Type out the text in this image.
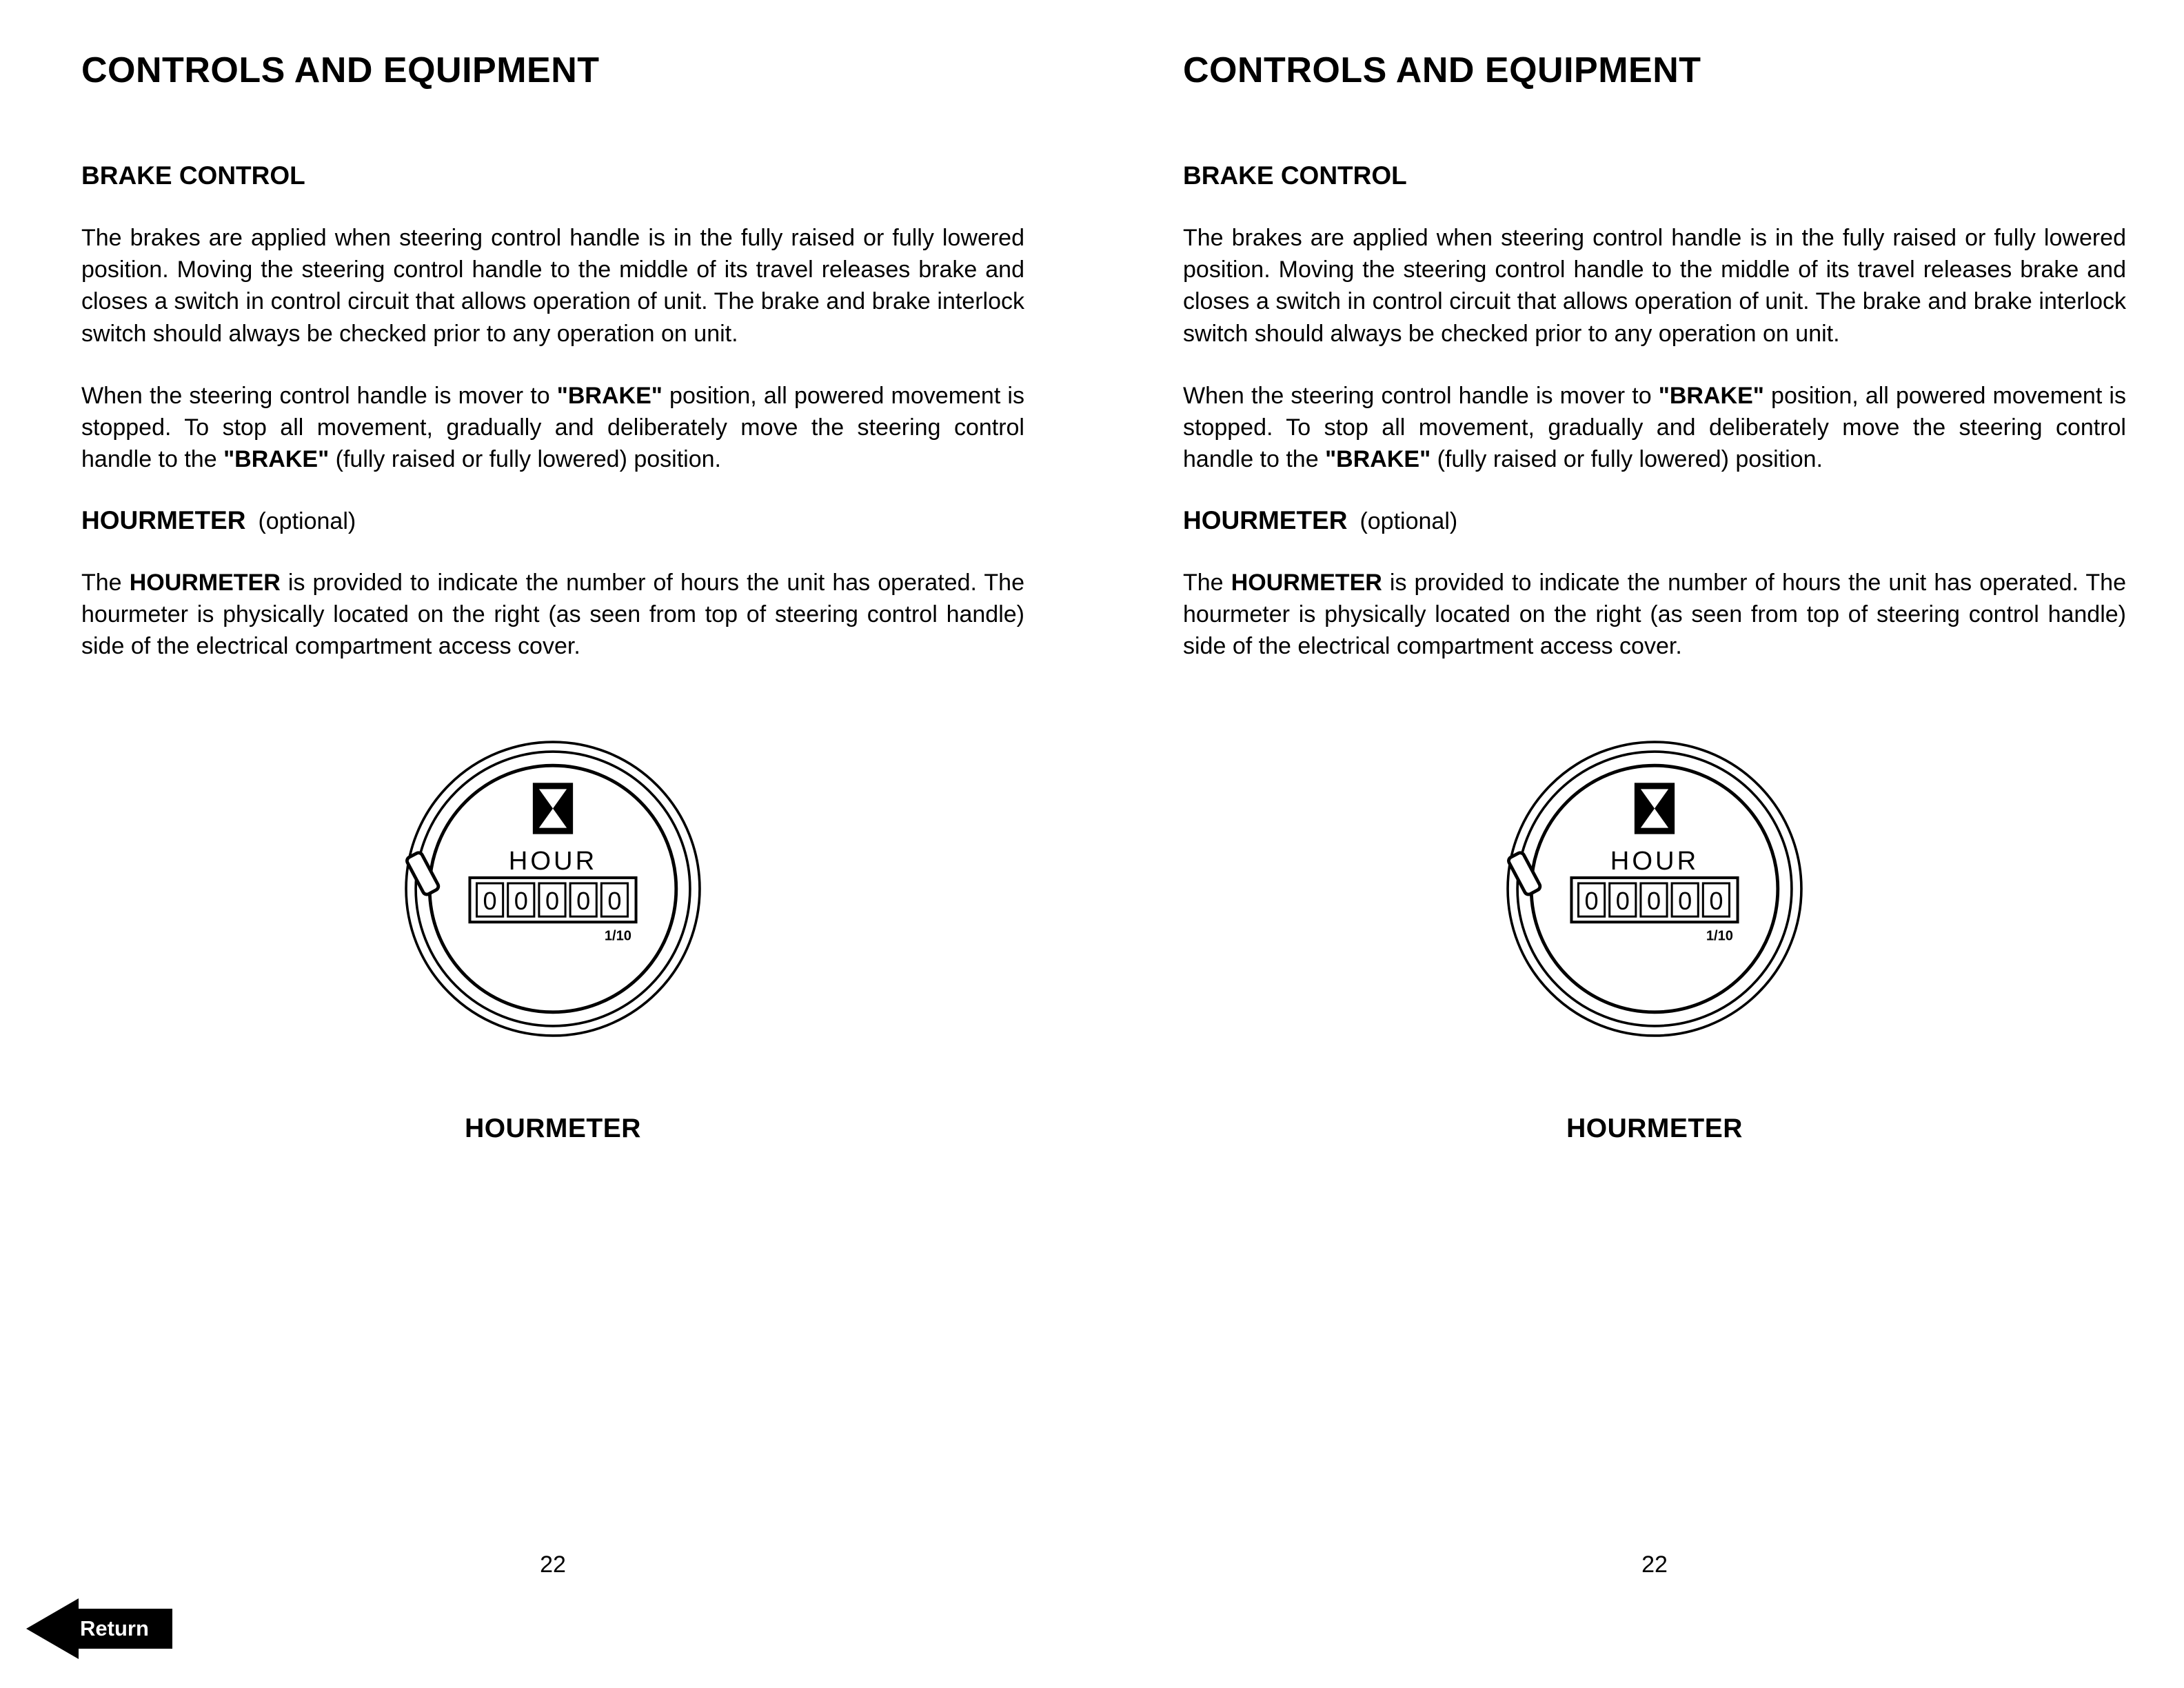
CONTROLS AND EQUIPMENT
BRAKE CONTROL

The brakes are applied when steering control handle is in the fully raised or fully lowered position. Moving the steering control handle to the middle of its travel releases brake and closes a switch in control circuit that allows operation of unit. The brake and brake interlock switch should always be checked prior to any operation on unit.

When the steering control handle is mover to "BRAKE" position, all powered movement is stopped. To stop all movement, gradually and deliberately move the steering control handle to the "BRAKE" (fully raised or fully lowered) position.

HOURMETER (optional)

The HOURMETER is provided to indicate the number of hours the unit has operated. The hourmeter is physically located on the right (as seen from top of steering control handle) side of the electrical compartment access cover.

HOUR
0 0 0 0 0
1/10
HOURMETER
22
CONTROLS AND EQUIPMENT
BRAKE CONTROL

The brakes are applied when steering control handle is in the fully raised or fully lowered position. Moving the steering control handle to the middle of its travel releases brake and closes a switch in control circuit that allows operation of unit. The brake and brake interlock switch should always be checked prior to any operation on unit.

When the steering control handle is mover to "BRAKE" position, all powered movement is stopped. To stop all movement, gradually and deliberately move the steering control handle to the "BRAKE" (fully raised or fully lowered) position.

HOURMETER (optional)

The HOURMETER is provided to indicate the number of hours the unit has operated. The hourmeter is physically located on the right (as seen from top of steering control handle) side of the electrical compartment access cover.

HOUR
0 0 0 0 0
1/10
HOURMETER
22
Return
